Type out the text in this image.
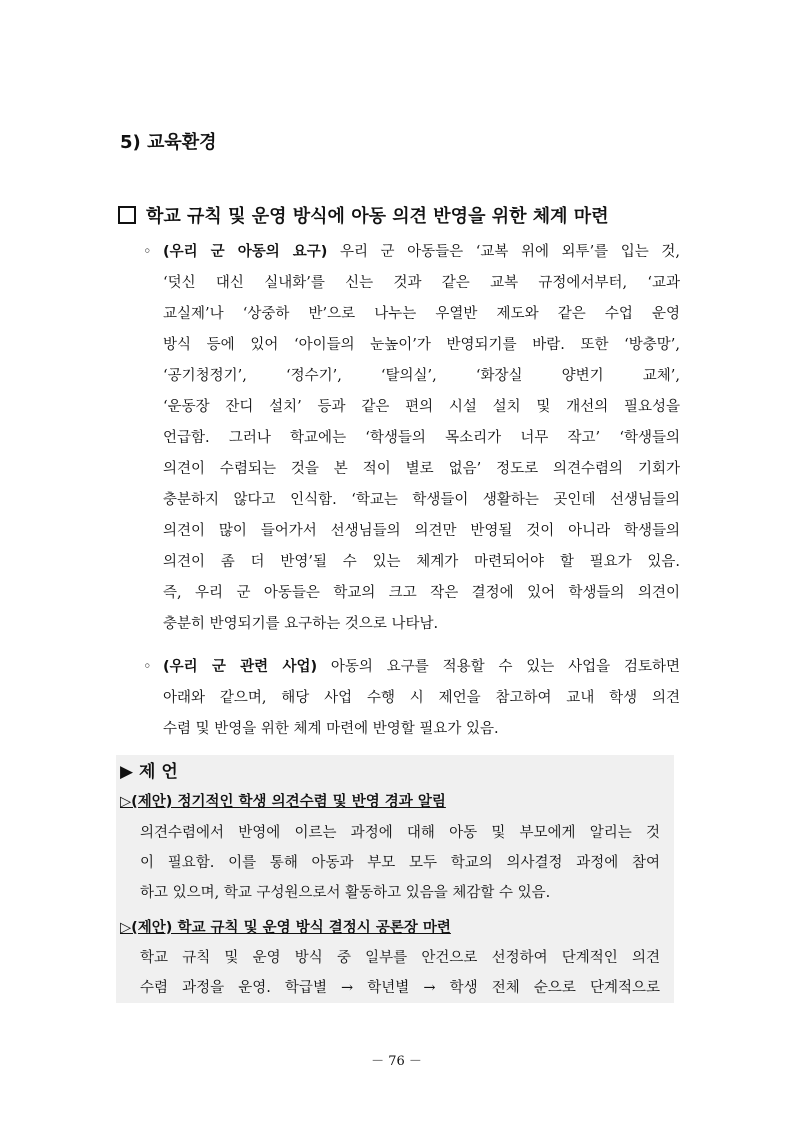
5) 교육환경
학교 규칙 및 운영 방식에 아동 의견 반영을 위한 체계 마련
◦ (우리 군 아동의 요구) 우리 군 아동들은 ‘교복 위에 외투’를 입는 것,
‘덧신 대신 실내화’를 신는 것과 같은 교복 규정에서부터, ‘교과
교실제’나 ‘상중하 반’으로 나누는 우열반 제도와 같은 수업 운영
방식 등에 있어 ‘아이들의 눈높이’가 반영되기를 바람. 또한 ‘방충망’,
‘공기청정기’, ‘정수기’, ‘탈의실’, ‘화장실 양변기 교체’,
‘운동장 잔디 설치’ 등과 같은 편의 시설 설치 및 개선의 필요성을
언급함. 그러나 학교에는 ‘학생들의 목소리가 너무 작고’ ‘학생들의
의견이 수렴되는 것을 본 적이 별로 없음’ 정도로 의견수렴의 기회가
충분하지 않다고 인식함. ‘학교는 학생들이 생활하는 곳인데 선생님들의
의견이 많이 들어가서 선생님들의 의견만 반영될 것이 아니라 학생들의
의견이 좀 더 반영’될 수 있는 체계가 마련되어야 할 필요가 있음.
즉, 우리 군 아동들은 학교의 크고 작은 결정에 있어 학생들의 의견이
충분히 반영되기를 요구하는 것으로 나타남.
◦ (우리 군 관련 사업) 아동의 요구를 적용할 수 있는 사업을 검토하면
아래와 같으며, 해당 사업 수행 시 제언을 참고하여 교내 학생 의견
수렴 및 반영을 위한 체계 마련에 반영할 필요가 있음.
▶ 제 언
▷(제안) 정기적인 학생 의견수렴 및 반영 경과 알림
의견수렴에서 반영에 이르는 과정에 대해 아동 및 부모에게 알리는 것
이 필요함. 이를 통해 아동과 부모 모두 학교의 의사결정 과정에 참여
하고 있으며, 학교 구성원으로서 활동하고 있음을 체감할 수 있음.
▷(제안) 학교 규칙 및 운영 방식 결정시 공론장 마련
학교 규칙 및 운영 방식 중 일부를 안건으로 선정하여 단계적인 의견
수렴 과정을 운영. 학급별 → 학년별 → 학생 전체 순으로 단계적으로
－ 76 －
